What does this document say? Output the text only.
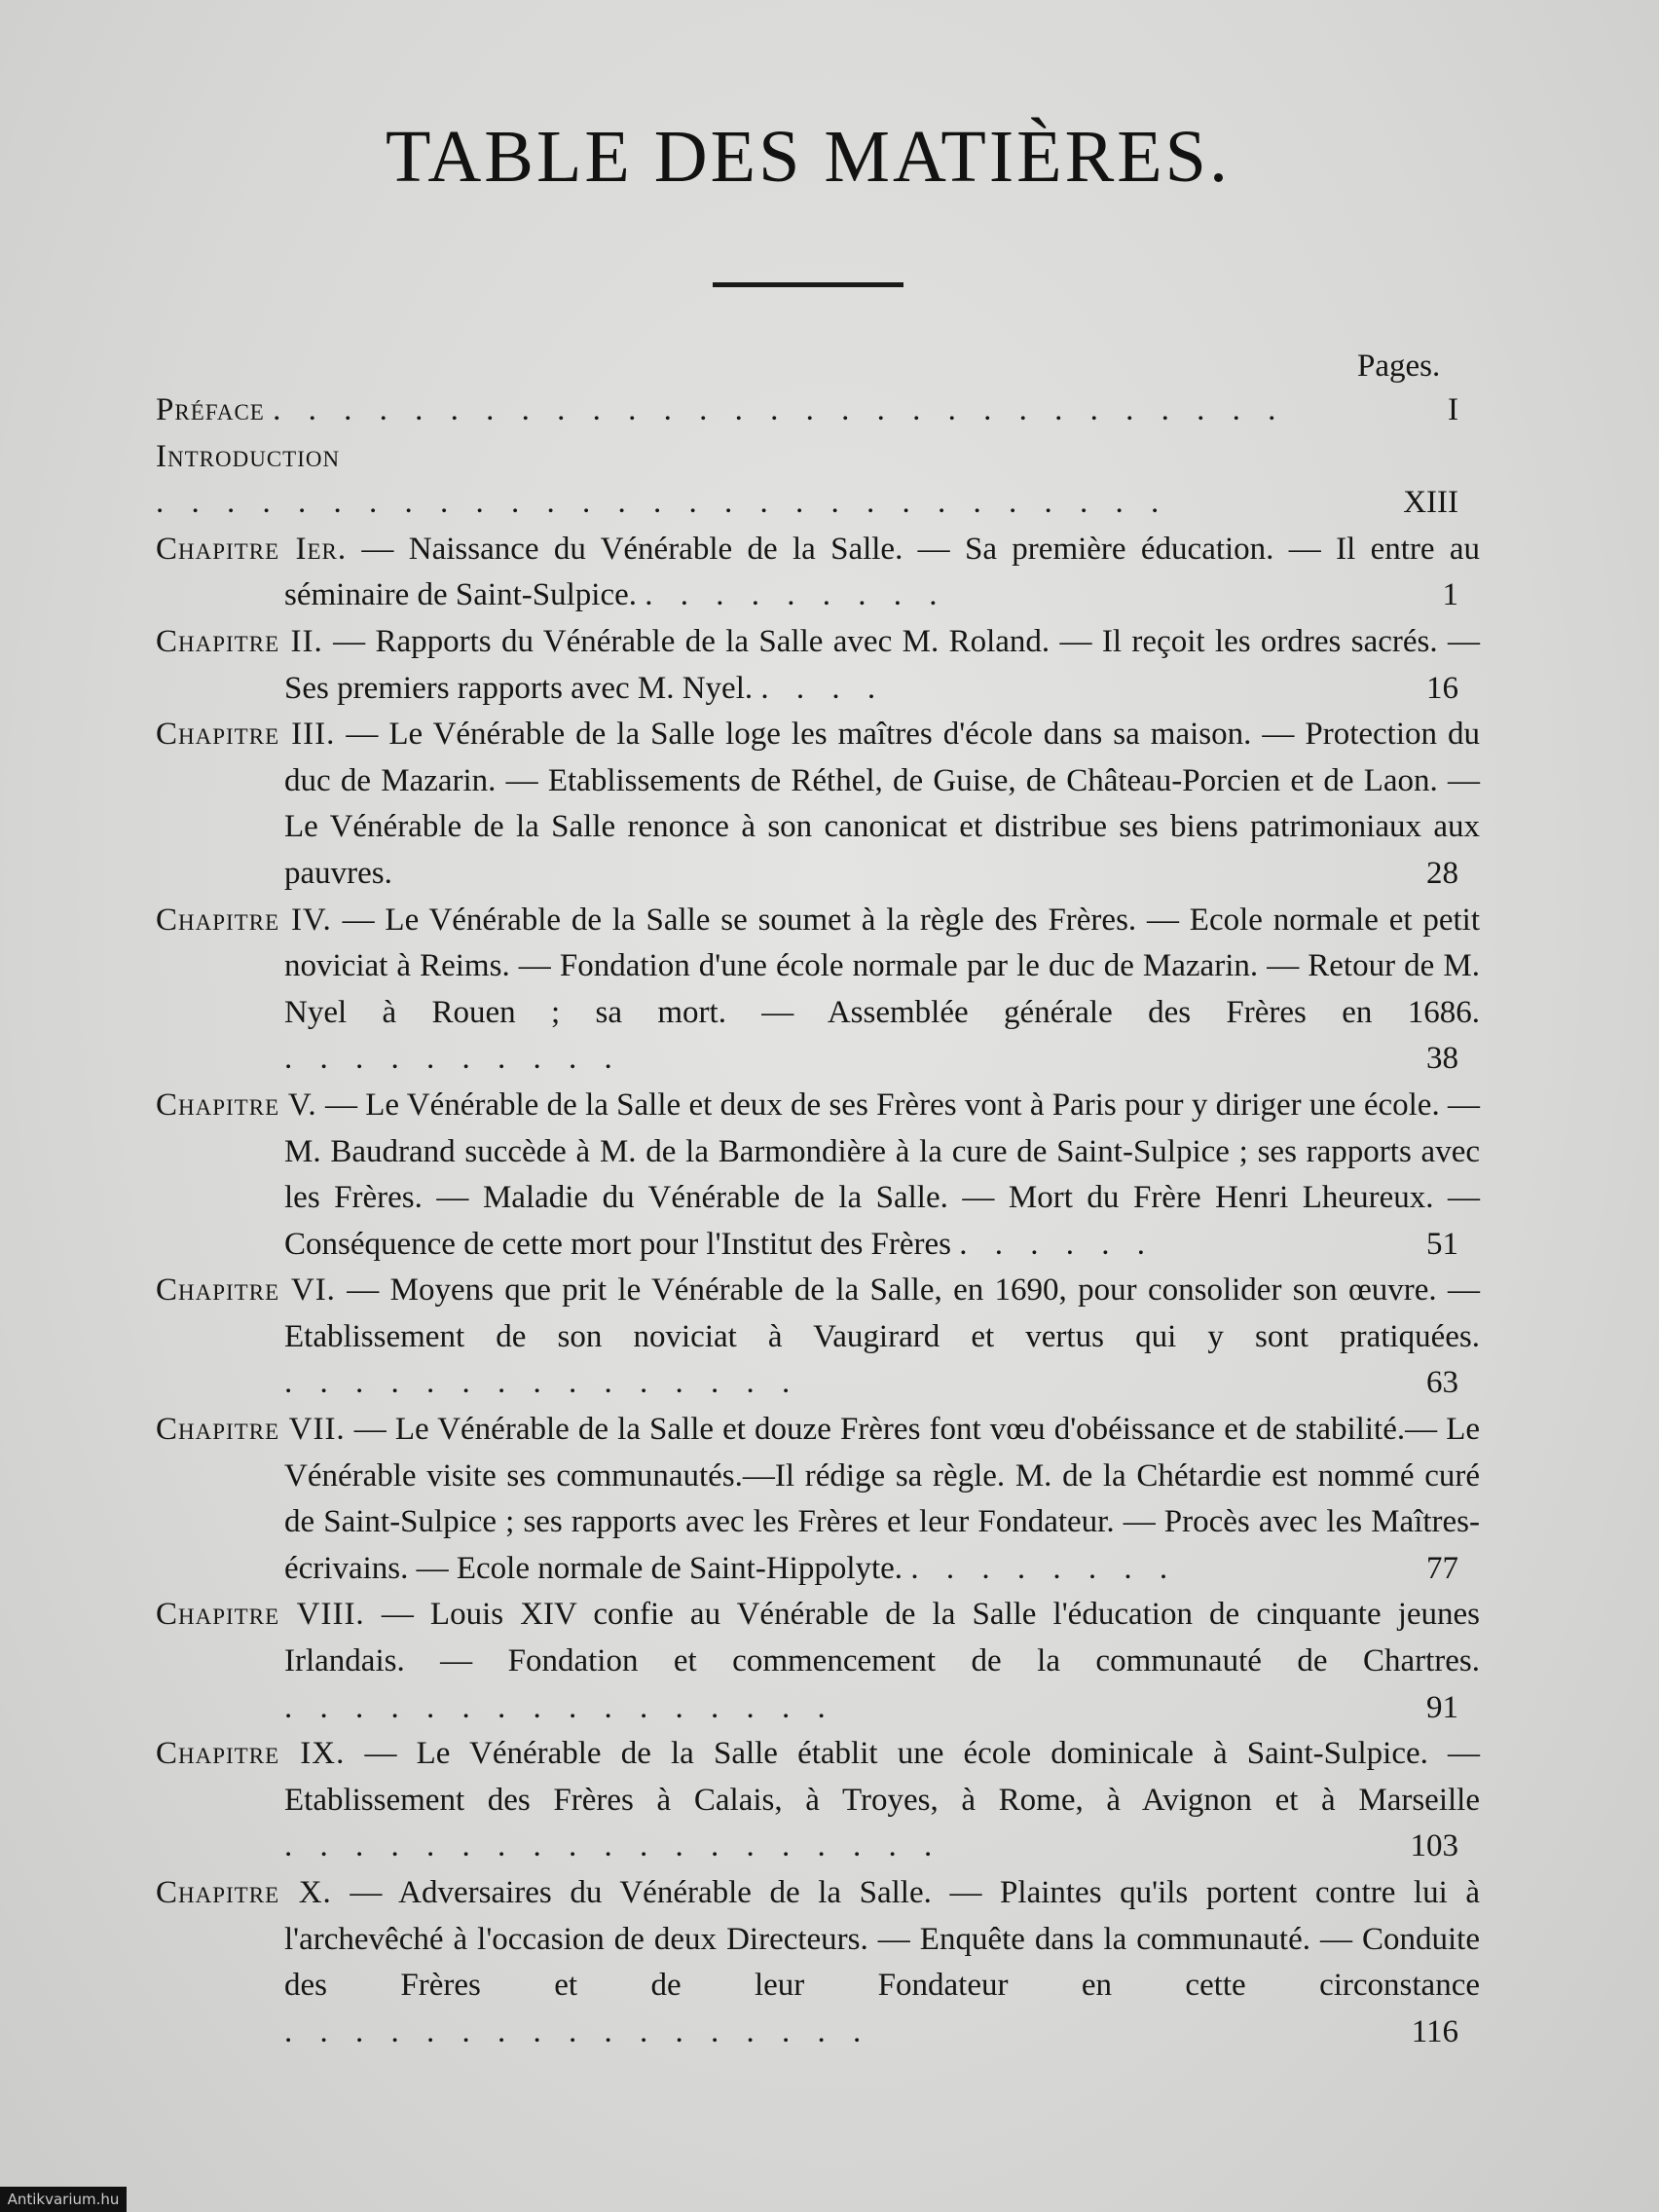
TABLE DES MATIÈRES.
Pages.
Préface . . . . . . . . . . . . . . . . . . . . . . . . . . . . .	I
Introduction . . . . . . . . . . . . . . . . . . . . . . . . . . . . .	XIII
Chapitre Ier. — Naissance du Vénérable de la Salle. — Sa première éducation. — Il entre au séminaire de Saint-Sulpice. . . . . . . . . .	1
Chapitre II. — Rapports du Vénérable de la Salle avec M. Roland. — Il reçoit les ordres sacrés. — Ses premiers rapports avec M. Nyel. . . . .	16
Chapitre III. — Le Vénérable de la Salle loge les maîtres d'école dans sa maison. — Protection du duc de Mazarin. — Etablissements de Réthel, de Guise, de Château-Porcien et de Laon. — Le Vénérable de la Salle renonce à son canonicat et distribue ses biens patrimoniaux aux pauvres.	28
Chapitre IV. — Le Vénérable de la Salle se soumet à la règle des Frères. — Ecole normale et petit noviciat à Reims. — Fondation d'une école normale par le duc de Mazarin. — Retour de M. Nyel à Rouen ; sa mort. — Assemblée générale des Frères en 1686. . . . . . . . . . .	38
Chapitre V. — Le Vénérable de la Salle et deux de ses Frères vont à Paris pour y diriger une école. — M. Baudrand succède à M. de la Barmondière à la cure de Saint-Sulpice ; ses rapports avec les Frères. — Maladie du Vénérable de la Salle. — Mort du Frère Henri Lheureux. — Conséquence de cette mort pour l'Institut des Frères . . . . . .	51
Chapitre VI. — Moyens que prit le Vénérable de la Salle, en 1690, pour consolider son œuvre. — Etablissement de son noviciat à Vaugirard et vertus qui y sont pratiquées. . . . . . . . . . . . . . . .	63
Chapitre VII. — Le Vénérable de la Salle et douze Frères font vœu d'obéissance et de stabilité.— Le Vénérable visite ses communautés.—Il rédige sa règle. M. de la Chétardie est nommé curé de Saint-Sulpice ; ses rapports avec les Frères et leur Fondateur. — Procès avec les Maîtres-écrivains. — Ecole normale de Saint-Hippolyte. . . . . . . . .	77
Chapitre VIII. — Louis XIV confie au Vénérable de la Salle l'éducation de cinquante jeunes Irlandais. — Fondation et commencement de la communauté de Chartres. . . . . . . . . . . . . . . . .	91
Chapitre IX. — Le Vénérable de la Salle établit une école dominicale à Saint-Sulpice. — Etablissement des Frères à Calais, à Troyes, à Rome, à Avignon et à Marseille . . . . . . . . . . . . . . . . . . .	103
Chapitre X. — Adversaires du Vénérable de la Salle. — Plaintes qu'ils portent contre lui à l'archevêché à l'occasion de deux Directeurs. — Enquête dans la communauté. — Conduite des Frères et de leur Fondateur en cette circonstance . . . . . . . . . . . . . . . . .	116
Antikvarium.hu
